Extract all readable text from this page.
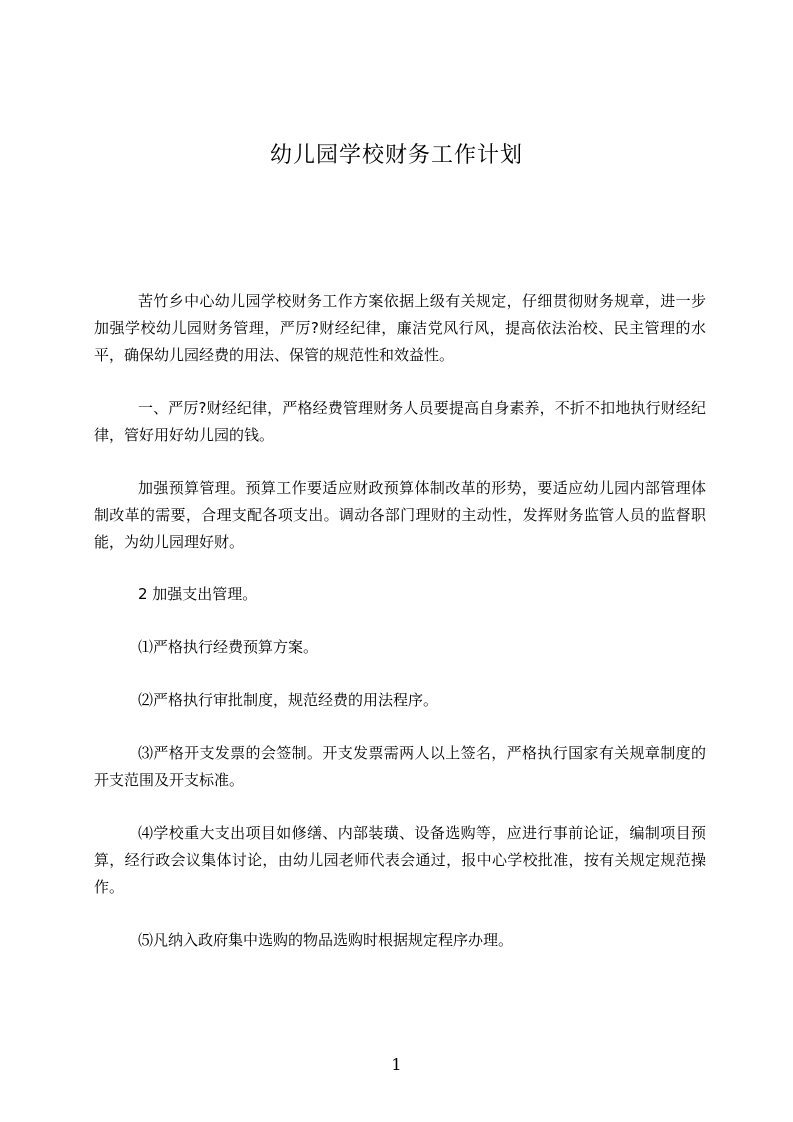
幼儿园学校财务工作计划

苦竹乡中心幼儿园学校财务工作方案依据上级有关规定，仔细贯彻财务规章，进一步加强学校幼儿园财务管理，严厉?财经纪律，廉洁党风行风，提高依法治校、民主管理的水平，确保幼儿园经费的用法、保管的规范性和效益性。

一、严厉?财经纪律，严格经费管理财务人员要提高自身素养，不折不扣地执行财经纪律，管好用好幼儿园的钱。

加强预算管理。预算工作要适应财政预算体制改革的形势，要适应幼儿园内部管理体制改革的需要，合理支配各项支出。调动各部门理财的主动性，发挥财务监管人员的监督职能，为幼儿园理好财。

2 加强支出管理。

⑴严格执行经费预算方案。

⑵严格执行审批制度，规范经费的用法程序。

⑶严格开支发票的会签制。开支发票需两人以上签名，严格执行国家有关规章制度的开支范围及开支标准。

⑷学校重大支出项目如修缮、内部装璜、设备选购等，应进行事前论证，编制项目预算，经行政会议集体讨论，由幼儿园老师代表会通过，报中心学校批准，按有关规定规范操作。

⑸凡纳入政府集中选购的物品选购时根据规定程序办理。

1
